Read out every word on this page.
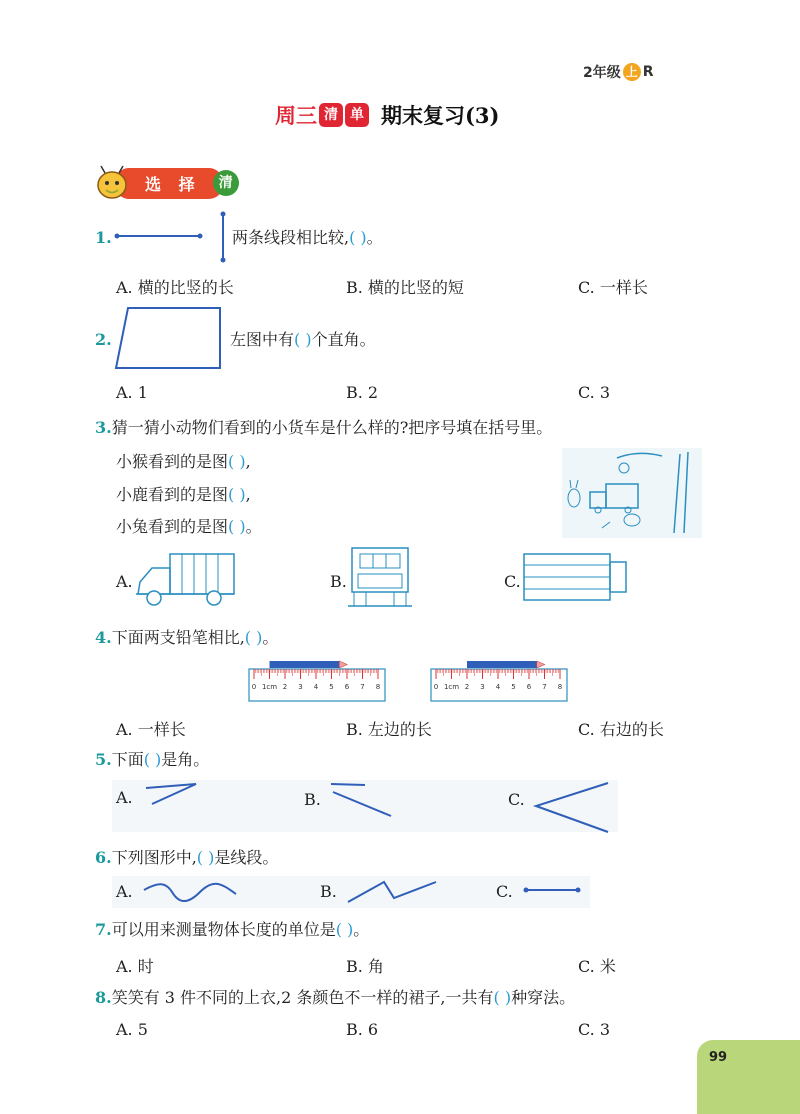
2年级 上 R
周三 清 单 期末复习(3)
选 择	清
1.	两条线段相比较,( )。
A. 横的比竖的长	B. 横的比竖的短	C. 一样长
2.	左图中有( )个直角。
A. 1	B. 2	C. 3
3.猜一猜小动物们看到的小货车是什么样的?把序号填在括号里。
小猴看到的是图( ),
小鹿看到的是图( ),
小兔看到的是图( )。
A.	B.	C.
4.下面两支铅笔相比,( )。
0 1cm 2 3 4 5 6 7 8	0 1cm 2 3 4 5 6 7 8
A. 一样长	B. 左边的长	C. 右边的长
5.下面( )是角。
A.	B.	C.
6.下列图形中,( )是线段。
A.	B.	C.
7.可以用来测量物体长度的单位是( )。
A. 时	B. 角	C. 米
8.笑笑有 3 件不同的上衣,2 条颜色不一样的裙子,一共有( )种穿法。
A. 5	B. 6	C. 3
99
